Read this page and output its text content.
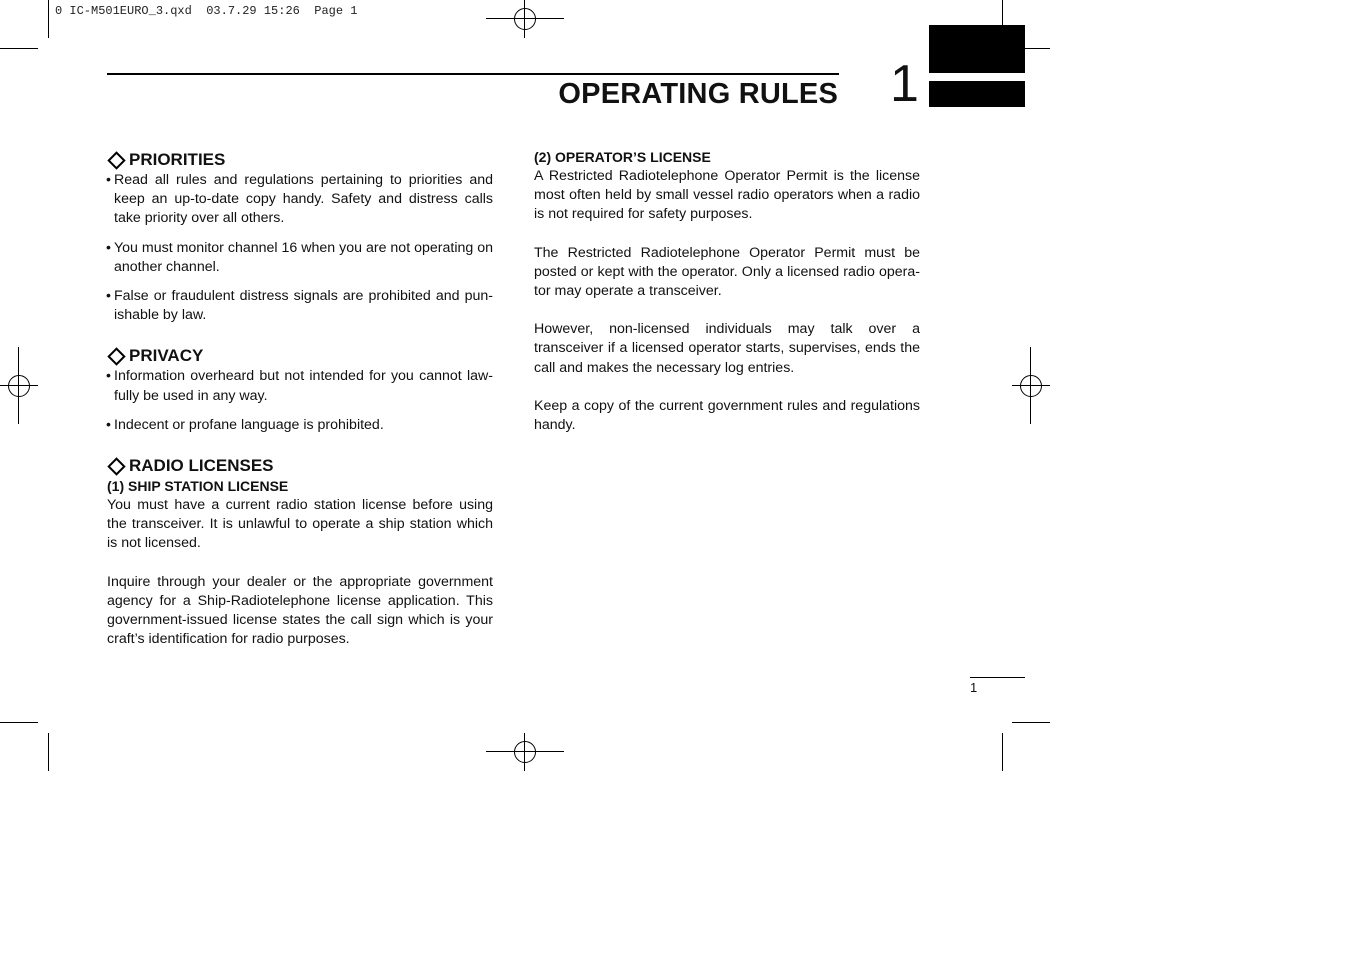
0 IC-M501EURO_3.qxd  03.7.29 15:26  Page 1
OPERATING RULES 1
PRIORITIES
• Read all rules and regulations pertaining to priorities and keep an up-to-date copy handy. Safety and distress calls take priority over all others.
• You must monitor channel 16 when you are not operating on another channel.
• False or fraudulent distress signals are prohibited and pun-ishable by law.
PRIVACY
• Information overheard but not intended for you cannot law-fully be used in any way.
• Indecent or profane language is prohibited.
RADIO LICENSES
(1) SHIP STATION LICENSE

You must have a current radio station license before using the transceiver. It is unlawful to operate a ship station which is not licensed.

Inquire through your dealer or the appropriate government agency for a Ship-Radiotelephone license application. This government-issued license states the call sign which is your craft’s identification for radio purposes.

(2) OPERATOR’S LICENSE

A Restricted Radiotelephone Operator Permit is the license most often held by small vessel radio operators when a radio is not required for safety purposes.

The Restricted Radiotelephone Operator Permit must be posted or kept with the operator. Only a licensed radio opera-tor may operate a transceiver.

However, non-licensed individuals may talk over a transceiver if a licensed operator starts, supervises, ends the call and makes the necessary log entries.

Keep a copy of the current government rules and regulations handy.

1
